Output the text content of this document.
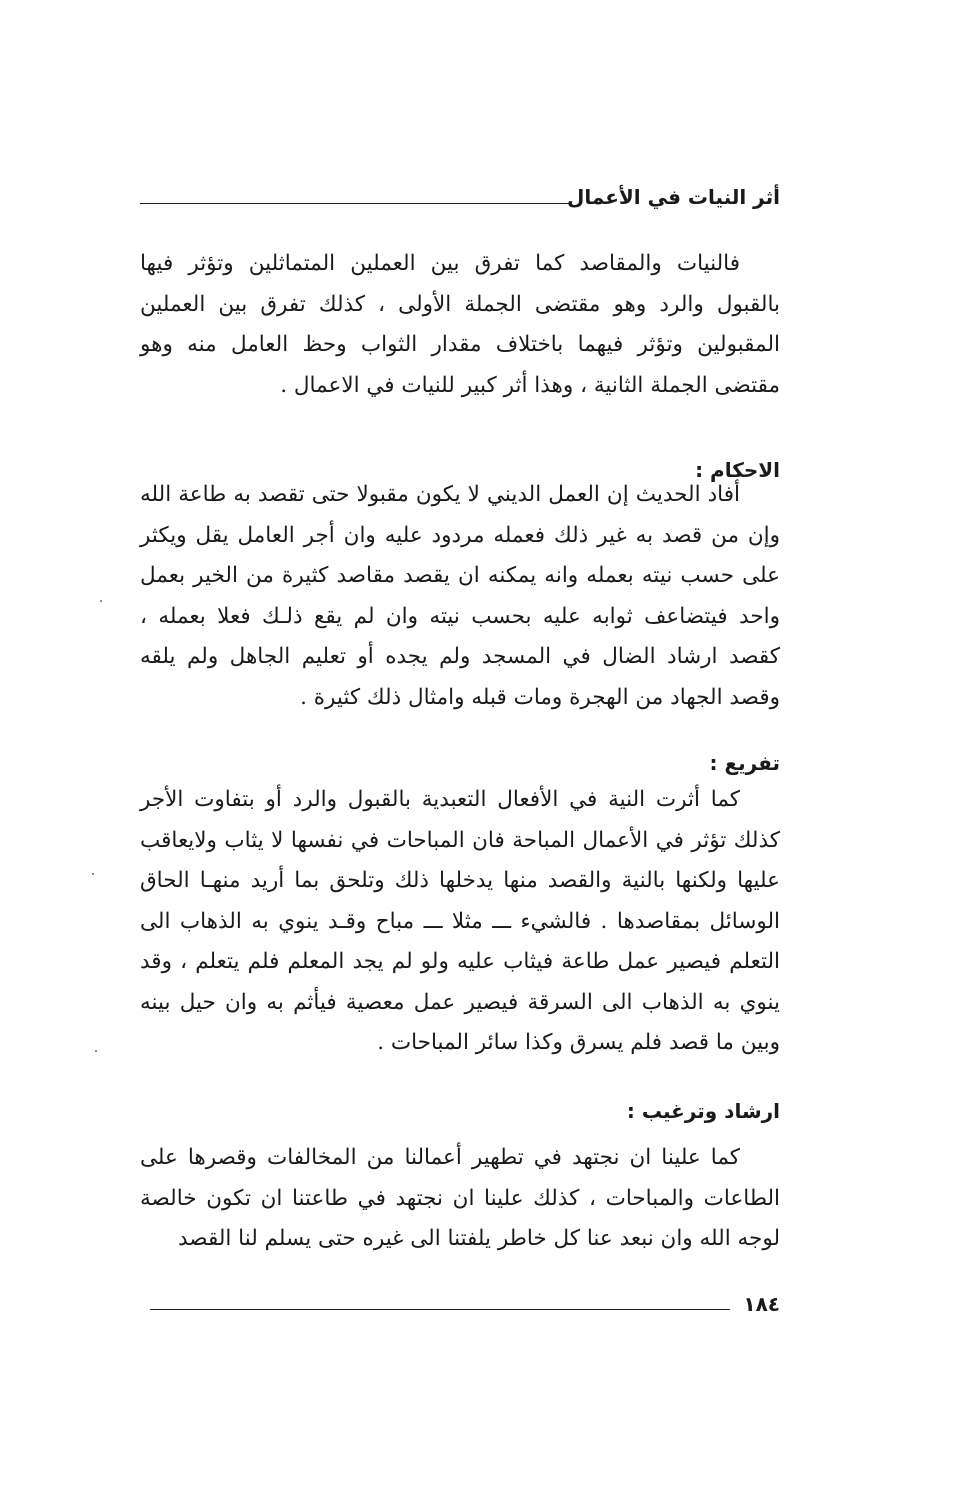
أثر النيات في الأعمال

فالنيات والمقاصد كما تفرق بين العملين المتماثلين وتؤثر فيها بالقبول والرد وهو مقتضى الجملة الأولى ، كذلك تفرق بين العملين المقبولين وتؤثر فيهما باختلاف مقدار الثواب وحظ العامل منه وهو مقتضى الجملة الثانية ، وهذا أثر كبير للنيات في الاعمال .

الاحكام :

أفاد الحديث إن العمل الديني لا يكون مقبولا حتى تقصد به طاعة الله وإن من قصد به غير ذلك فعمله مردود عليه وان أجر العامل يقل ويكثر على حسب نيته بعمله وانه يمكنه ان يقصد مقاصد كثيرة من الخير بعمل واحد فيتضاعف ثوابه عليه بحسب نيته وان لم يقع ذلـك فعلا بعمله ، كقصد ارشاد الضال في المسجد ولم يجده أو تعليم الجاهل ولم يلقه وقصد الجهاد من الهجرة ومات قبله وامثال ذلك كثيرة .

تفريع :

كما أثرت النية في الأفعال التعبدية بالقبول والرد أو بتفاوت الأجر كذلك تؤثر في الأعمال المباحة فان المباحات في نفسها لا يثاب ولايعاقب عليها ولكنها بالنية والقصد منها يدخلها ذلك وتلحق بما أريد منهـا الحاق الوسائل بمقاصدها . فالشيء ـــ مثلا ـــ مباح وقـد ينوي به الذهاب الى التعلم فيصير عمل طاعة فيثاب عليه ولو لم يجد المعلم فلم يتعلم ، وقد ينوي به الذهاب الى السرقة فيصير عمل معصية فيأثم به وان حيل بينه وبين ما قصد فلم يسرق وكذا سائر المباحات .

ارشاد وترغيب :

كما علينا ان نجتهد في تطهير أعمالنا من المخالفات وقصرها على الطاعات والمباحات ، كذلك علينا ان نجتهد في طاعتنا ان تكون خالصة لوجه الله وان نبعد عنا كل خاطر يلفتنا الى غيره حتى يسلم لنا القصد

١٨٤
